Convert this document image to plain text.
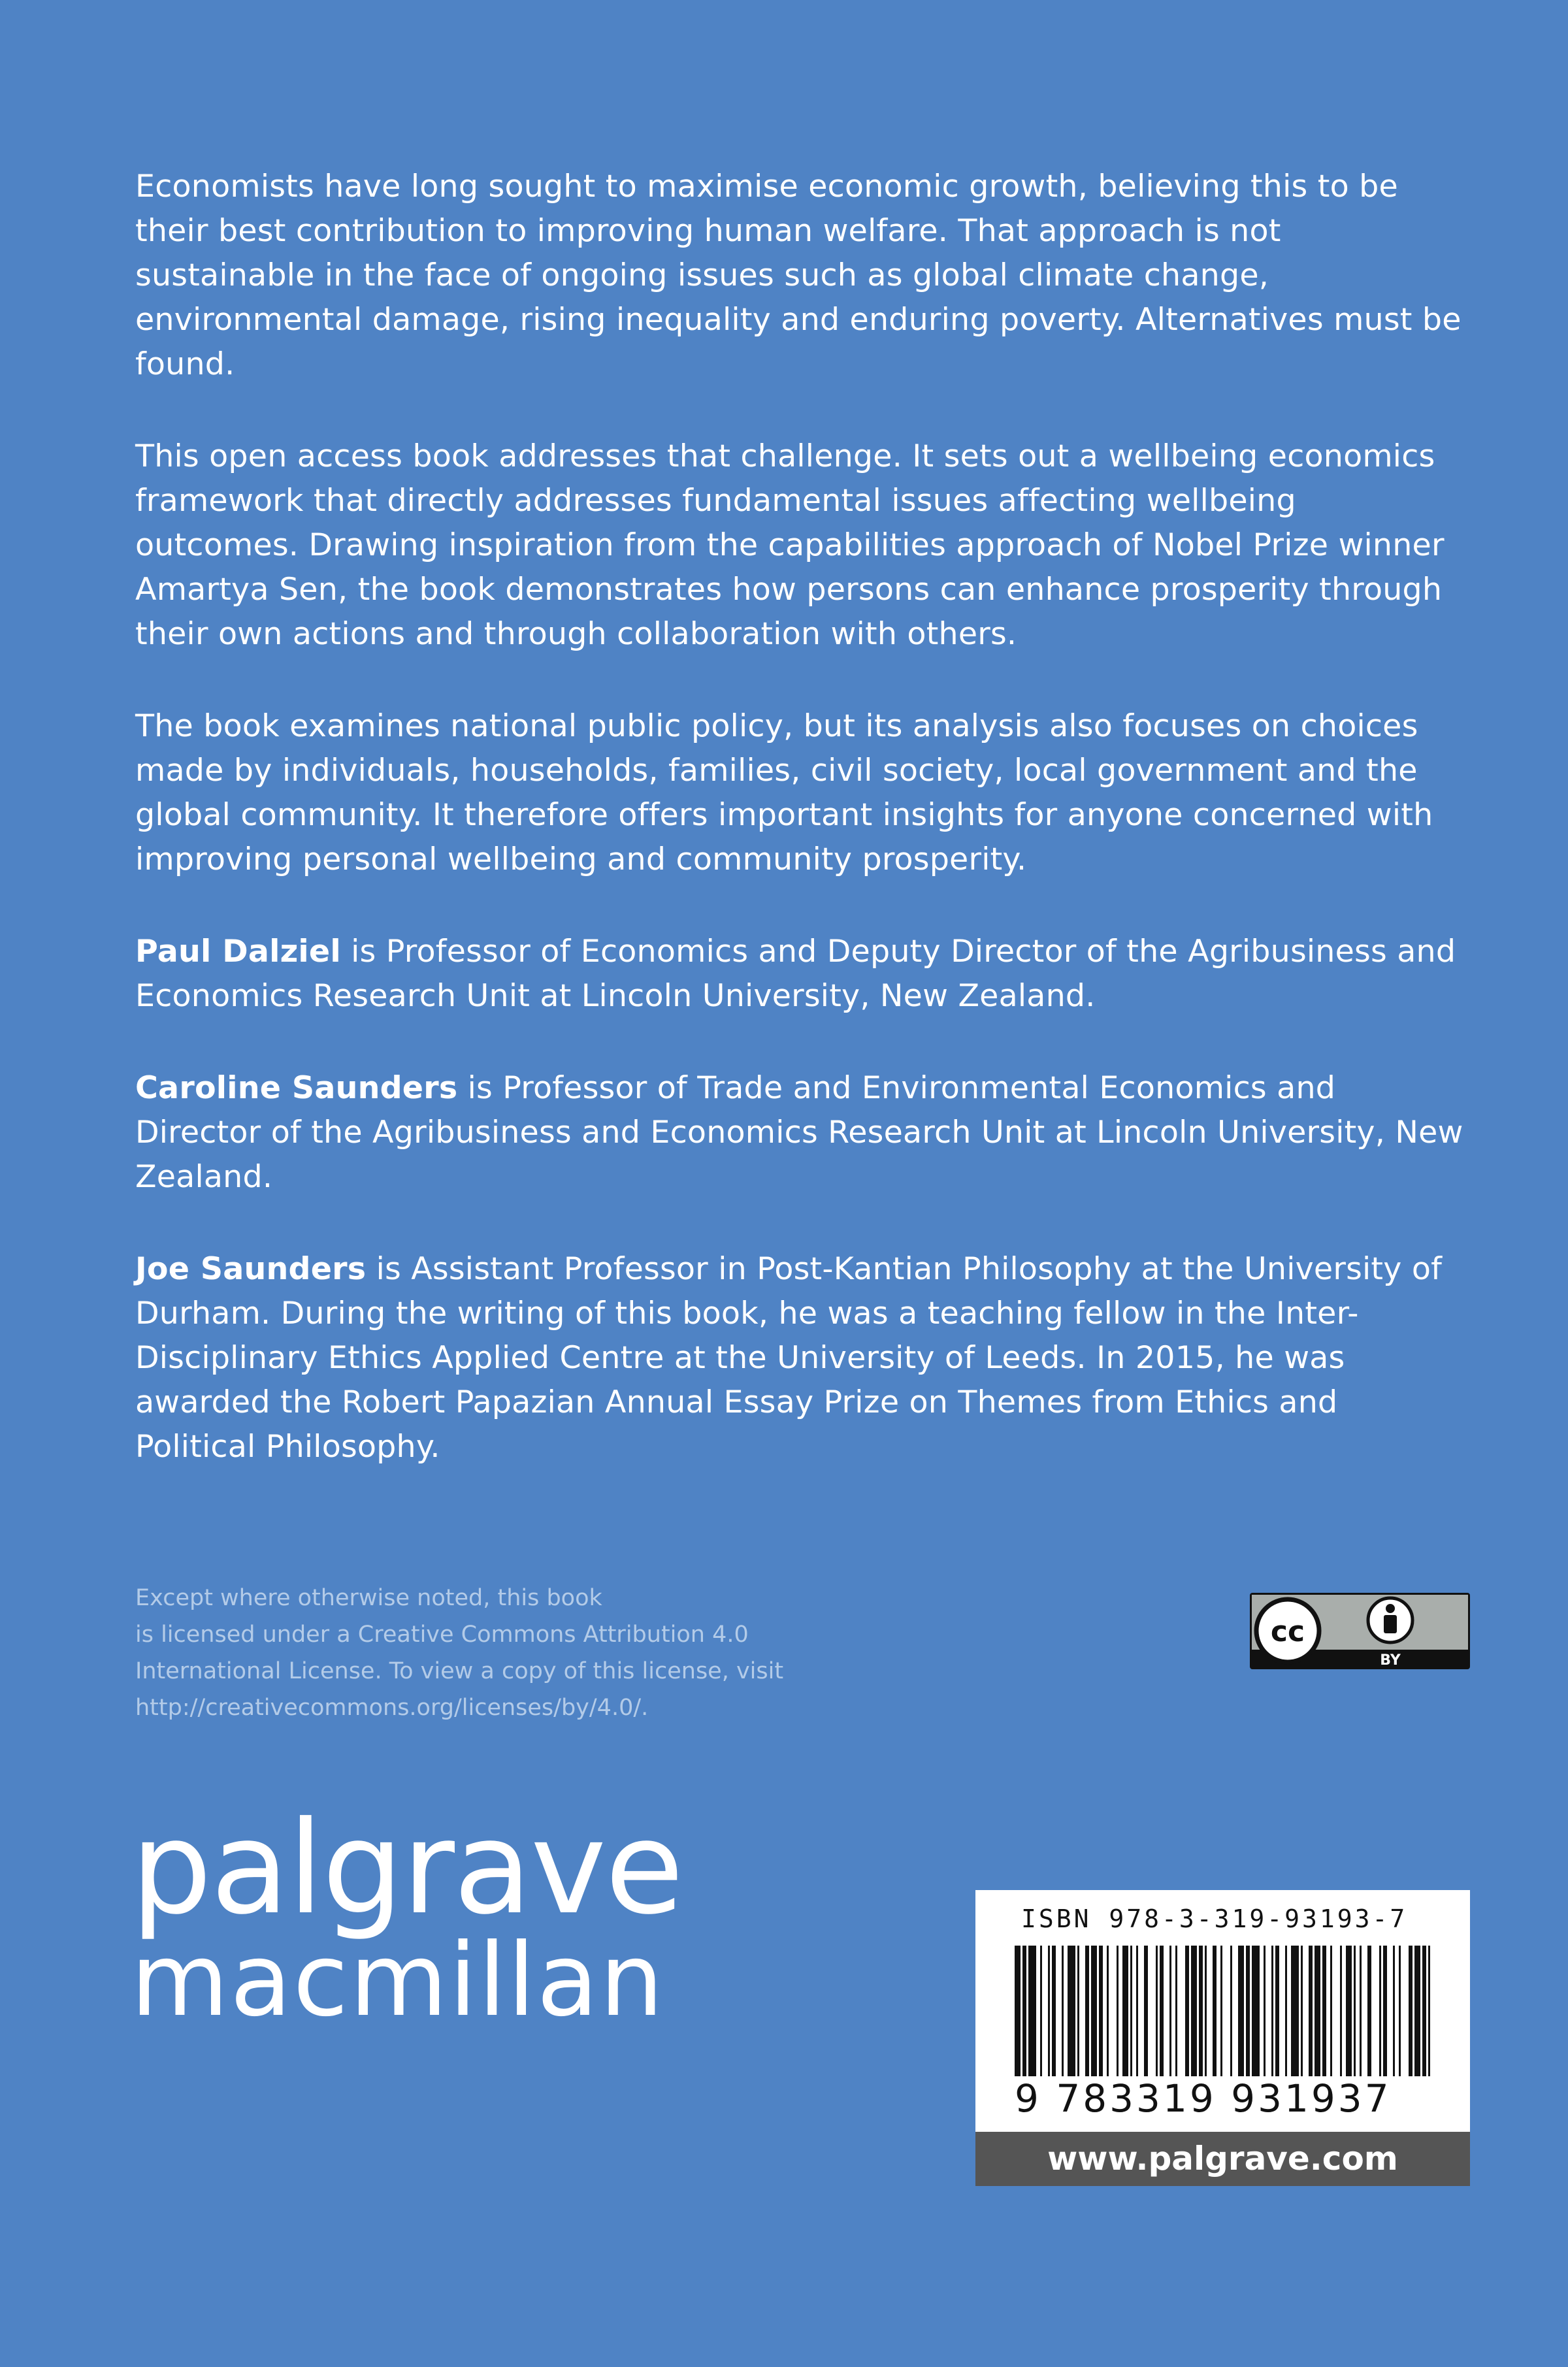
Economists have long sought to maximise economic growth, believing this to be their best contribution to improving human welfare. That approach is not sustainable in the face of ongoing issues such as global climate change, environmental damage, rising inequality and enduring poverty. Alternatives must be found.

This open access book addresses that challenge. It sets out a wellbeing economics framework that directly addresses fundamental issues affecting wellbeing outcomes. Drawing inspiration from the capabilities approach of Nobel Prize winner Amartya Sen, the book demonstrates how persons can enhance prosperity through their own actions and through collaboration with others.

The book examines national public policy, but its analysis also focuses on choices made by individuals, households, families, civil society, local government and the global community. It therefore offers important insights for anyone concerned with improving personal wellbeing and community prosperity.

Paul Dalziel is Professor of Economics and Deputy Director of the Agribusiness and Economics Research Unit at Lincoln University, New Zealand.

Caroline Saunders is Professor of Trade and Environmental Economics and Director of the Agribusiness and Economics Research Unit at Lincoln University, New Zealand.

Joe Saunders is Assistant Professor in Post-Kantian Philosophy at the University of Durham. During the writing of this book, he was a teaching fellow in the Inter-Disciplinary Ethics Applied Centre at the University of Leeds. In 2015, he was awarded the Robert Papazian Annual Essay Prize on Themes from Ethics and Political Philosophy.

Except where otherwise noted, this book
is licensed under a Creative Commons Attribution 4.0
International License. To view a copy of this license, visit
http://creativecommons.org/licenses/by/4.0/.
cc
BY
palgrave
macmillan
ISBN 978-3-319-93193-7
9 783319 931937
www.palgrave.com
